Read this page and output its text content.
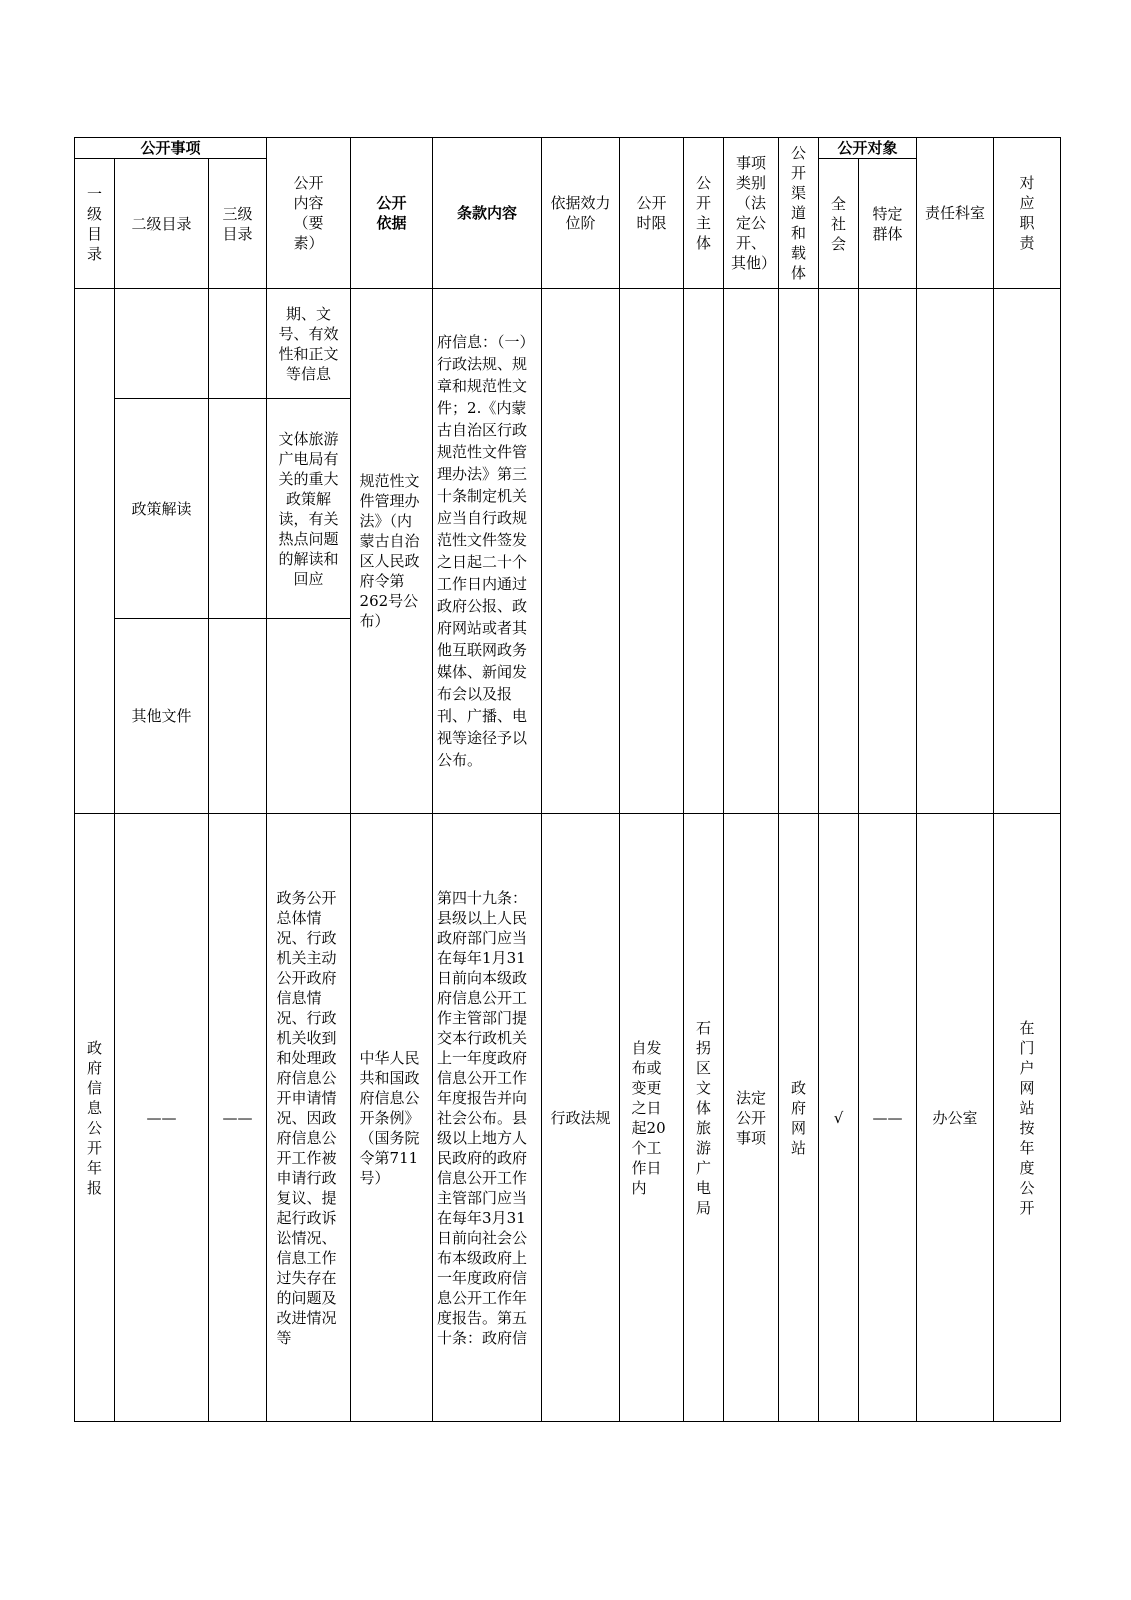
公开事项			公开内容（要素）	公开依据	条款内容	依据效力位阶	公开时限	公开主体	事项类别（法定公开、其他）	公开渠道和载体	公开对象		责任科室	对应职责

一级目录	二级目录	三级目录									全社会	特定群体		

			期、文号、有效性和正文等信息	规范性文件管理办法》（内蒙古自治区人民政府令第262号公布）	府信息：（一）行政法规、规章和规范性文件；2.《内蒙古自治区行政规范性文件管理办法》第三十条制定机关应当自行政规范性文件签发之日起二十个工作日内通过政府公报、政府网站或者其他互联网政务媒体、新闻发布会以及报刊、广播、电视等途径予以公布。									

	政策解读		文体旅游广电局有关的重大政策解读，有关热点问题的解读和回应											

	其他文件													

政府信息公开年报	——	——	政务公开总体情况、行政机关主动公开政府信息情况、行政机关收到和处理政府信息公开申请情况、因政府信息公开工作被申请行政复议、提起行政诉讼情况、信息工作过失存在的问题及改进情况等	中华人民共和国政府信息公开条例》（国务院令第711号）	第四十九条：县级以上人民政府部门应当在每年1月31日前向本级政府信息公开工作主管部门提交本行政机关上一年度政府信息公开工作年度报告并向社会公布。县级以上地方人民政府的政府信息公开工作主管部门应当在每年3月31日前向社会公布本级政府上一年度政府信息公开工作年度报告。第五十条：政府信	行政法规	自发布或变更之日起20个工作日内	石拐区文体旅游广电局	法定公开事项	政府网站	√	——	办公室	在门户网站按年度公开
